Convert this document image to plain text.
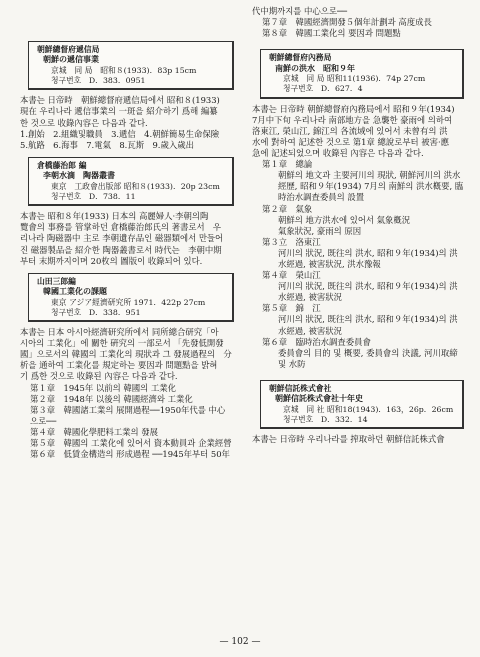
朝鮮總督府遞信局
朝鮮の遞信事業
京城　同 局　昭和８(1933)．83p 15cm
청구번호　D．383．0951
本書는 日帝時　朝鮮總督府遞信局에서 昭和８(1933)
現在 우리나라 遞信事業의 一斑을 紹介하기 爲해 編纂
한 것으로 收錄內容은 다음과 같다.
1.創始　2.組織및職員　3.遞信　4.朝鮮簡易生命保險
5.航路　6.海事　7.電氣　8.瓦斯　9.歲入歲出
倉橋藤治郎 編
李朝水滴　陶器叢書
東京　工政會出版部 昭和８(1933)．20p 23cm
청구번호　D．738．11
本書는 昭和８年(1933) 日本의 高麗婦人·李朝의陶
覽會의 事務를 管掌하던 倉橋藤治郎氏의 著書로서　우
리나라 陶磁器中 主로 李朝遺存品인 磁器類에서 만들어
진 磁器製品을 紹介한 陶器叢書로서 時代는　李朝中期
부터 末期까지이며 20枚의 圖版이 收錄되어 있다.
山田三郎編
韓國工業化の課題
東京 アジア經濟研究所 1971．422p 27cm
청구번호　D．338．951
本書는 日本 아시아經濟研究所에서 同所總合研究「아
시아의 工業化」에 關한 硏究의 一部로서 「先發低開發
國」으로서의 韓國의 工業化의 現狀과 그 發展過程의　分
析을 通하여 工業化를 規定하는 要因과 問題點을 밝혀
기 爲한 것으로 收錄된 內容은 다음과 같다.
第１章　 1945年 以前의 韓國의 工業化
第２章　 1948年 以後의 韓國經濟와 工業化
第３章　 韓國諸工業의 展開過程──1950年代를 中心
으로──
第４章　 韓國化學肥料工業의 發展
第５章　 韓國의 工業化에 있어서 資本動員과 企業經營
第６章　 低賃金構造의 形成過程 ──1945年부터 50年
代中期까지를 中心으로──
第７章　韓國經濟開發５個年計劃과 高度成長
第８章　韓國工業化의 要因과 問題點
朝鮮總督府內務局
南鮮の洪水　昭和９年
京城　同 局 昭和11(1936)．74p 27cm
청구번호　D．627．4
本書는 日帝時 朝鮮總督府內務局에서 昭和９年(1934)
7月中下旬 우리나라 南部地方을 急襲한 豪雨에 의하여
洛東江, 榮山江, 錦江의 各流域에 있어서 未曾有의 洪
水에 對하여 記述한 것으로 第1章 總說로부터 被害·應
急에 記述되었으며 收錄된 內容은 다음과 같다.
第１章　 總論
朝鮮의 地文과 主要河川의 現狀, 朝鮮河川의 洪水
經歷, 昭和９年(1934) 7月의 南鮮의 洪水槪要, 臨
時治水調査委員의 設置
第２章　 氣象
朝鮮의 地方洪水에 있어서 氣象槪況
氣象狀況, 豪雨의 原因
第３立　 洛東江
河川의 狀況, 既往의 洪水, 昭和９年(1934)의 洪
水經過, 被害狀況, 洪水豫報
第４章　 榮山江
河川의 狀況, 既往의 洪水, 昭和９年(1934)의 洪
水經過, 被害狀況
第５章　 錦　江
河川의 狀況, 既往의 洪水, 昭和９年(1934)의 洪
水經過, 被害狀況
第６章　 臨時治水調査委員會
委員會의 目的 및 概要, 委員會의 決議, 河川取締
및 水防
朝鮮信託株式會社
朝鮮信託株式會社十年史
京城　同 社 昭和18(1943)．163，26p．26cm
청구번호　D．332．14
本書는 日帝時 우리나라를 搾取하던 朝鮮信託株式會
— 102 —
